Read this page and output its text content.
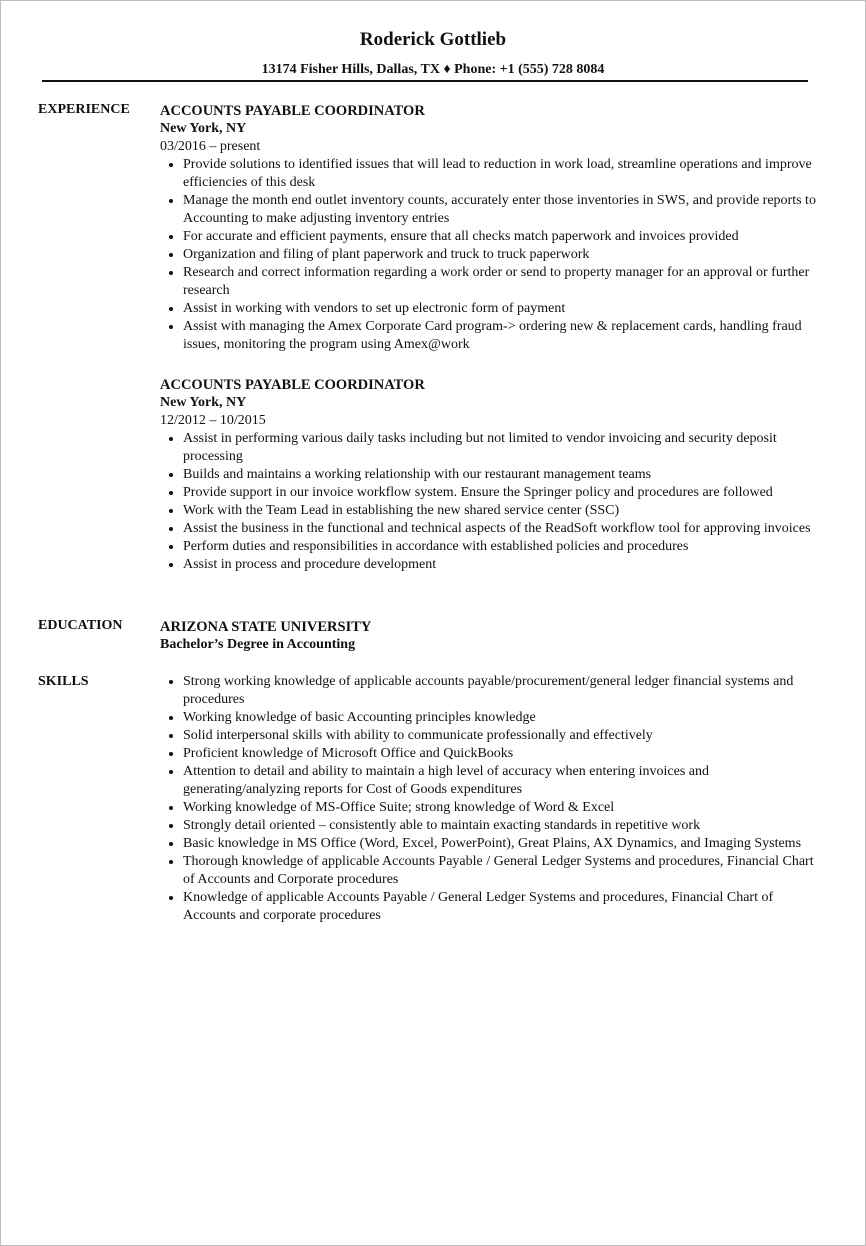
Roderick Gottlieb
13174 Fisher Hills, Dallas, TX ♦ Phone: +1 (555) 728 8084
EXPERIENCE ACCOUNTS PAYABLE COORDINATOR
New York, NY
03/2016 – present
Provide solutions to identified issues that will lead to reduction in work load, streamline operations and improve efficiencies of this desk
Manage the month end outlet inventory counts, accurately enter those inventories in SWS, and provide reports to Accounting to make adjusting inventory entries
For accurate and efficient payments, ensure that all checks match paperwork and invoices provided
Organization and filing of plant paperwork and truck to truck paperwork
Research and correct information regarding a work order or send to property manager for an approval or further research
Assist in working with vendors to set up electronic form of payment
Assist with managing the Amex Corporate Card program-> ordering new & replacement cards, handling fraud issues, monitoring the program using Amex@work
ACCOUNTS PAYABLE COORDINATOR
New York, NY
12/2012 – 10/2015
Assist in performing various daily tasks including but not limited to vendor invoicing and security deposit processing
Builds and maintains a working relationship with our restaurant management teams
Provide support in our invoice workflow system. Ensure the Springer policy and procedures are followed
Work with the Team Lead in establishing the new shared service center (SSC)
Assist the business in the functional and technical aspects of the ReadSoft workflow tool for approving invoices
Perform duties and responsibilities in accordance with established policies and procedures
Assist in process and procedure development
EDUCATION	ARIZONA STATE UNIVERSITY
Bachelor’s Degree in Accounting
SKILLS	Strong working knowledge of applicable accounts payable/procurement/general ledger financial systems and procedures
Working knowledge of basic Accounting principles knowledge
Solid interpersonal skills with ability to communicate professionally and effectively
Proficient knowledge of Microsoft Office and QuickBooks
Attention to detail and ability to maintain a high level of accuracy when entering invoices and generating/analyzing reports for Cost of Goods expenditures
Working knowledge of MS-Office Suite; strong knowledge of Word & Excel
Strongly detail oriented – consistently able to maintain exacting standards in repetitive work
Basic knowledge in MS Office (Word, Excel, PowerPoint), Great Plains, AX Dynamics, and Imaging Systems
Thorough knowledge of applicable Accounts Payable / General Ledger Systems and procedures, Financial Chart of Accounts and Corporate procedures
Knowledge of applicable Accounts Payable / General Ledger Systems and procedures, Financial Chart of Accounts and corporate procedures
